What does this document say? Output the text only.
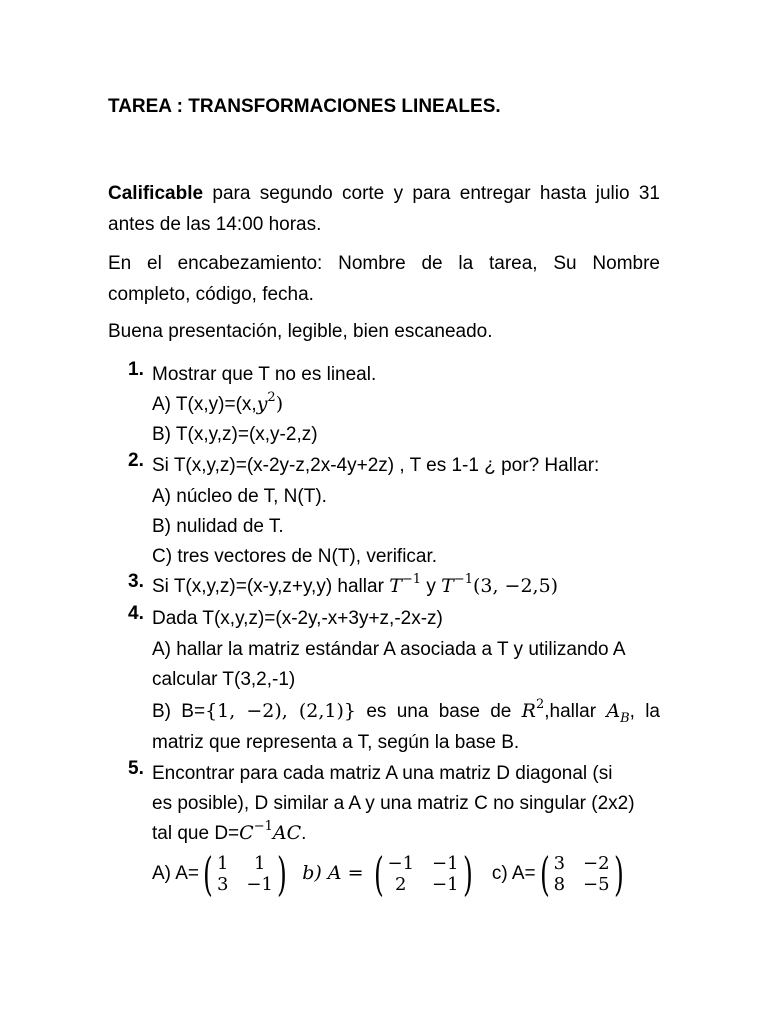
TAREA : TRANSFORMACIONES LINEALES.
Calificable para segundo corte y para entregar hasta julio 31 antes de las 14:00 horas.
En el encabezamiento: Nombre de la tarea, Su Nombre completo, código, fecha.
Buena presentación, legible, bien escaneado.
1. Mostrar que T no es lineal.
A) $T(x,y)=(x,y^2)$
B) T(x,y,z)=(x,y-2,z)
2. Si T(x,y,z)=(x-2y-z,2x-4y+2z) , T es 1-1 ¿ por? Hallar:
A) núcleo de T, N(T).
B) nulidad de T.
C) tres vectores de N(T), verificar.
3. Si T(x,y,z)=(x-y,z+y,y) hallar $T^{-1}$ y $T^{-1}(3$, −2,5)
4. Dada T(x,y,z)=(x-2y,-x+3y+z,-2x-z)
A) hallar la matriz estándar A asociada a T y utilizando A
calcular T(3,2,-1)
B) B={1, −2), (2,1)} es una base de $R^2,hallar$ $A_B$, la
matriz que representa a T, según la base B.
5. Encontrar para cada matriz A una matriz D diagonal (si
es posible), D similar a A y una matriz C no singular (2x2)
tal que $D=C^{-1}AC$.
A) A= ( 1	1
3 −1 ) b) A = ( −1 −1
2	−1 ) c) A= ( 3 −2
8 −5 )
